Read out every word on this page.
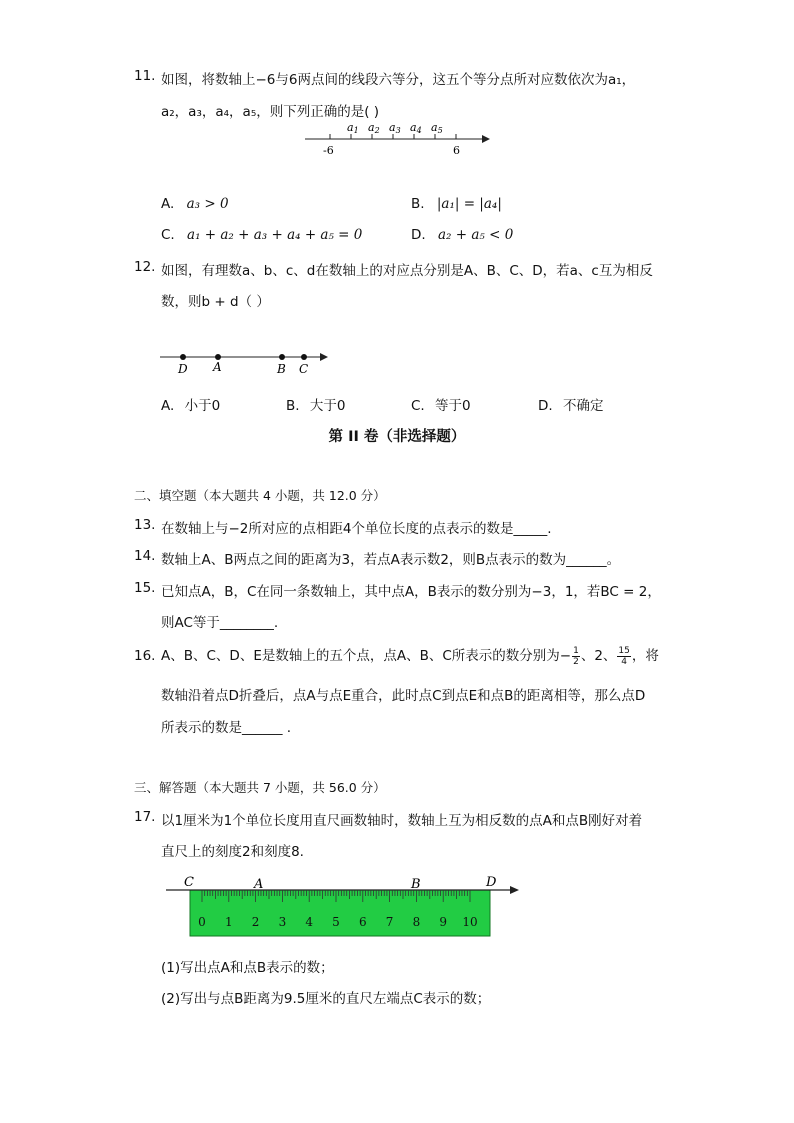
11. 如图，将数轴上−6与6两点间的线段六等分，这五个等分点所对应数依次为a₁，
a₂，a₃，a₄，a₅，则下列正确的是( )
a1 a2 a3 a4 a5
-6	6
A. a₃ > 0	B. |a₁| = |a₄|
C. a₁ + a₂ + a₃ + a₄ + a₅ = 0	D. a₂ + a₅ < 0
12. 如图，有理数a、b、c、d在数轴上的对应点分别是A、B、C、D，若a、c互为相反
数，则b + d（ ）
D A	B C
A. 小于0	B. 大于0	C. 等于0	D. 不确定
第 II 卷（非选择题）
二、填空题（本大题共 4 小题，共 12.0 分）
13. 在数轴上与−2所对应的点相距4个单位长度的点表示的数是_____.
14. 数轴上A、B两点之间的距离为3，若点A表示数2，则B点表示的数为______。
15. 已知点A，B，C在同一条数轴上，其中点A，B表示的数分别为−3，1，若BC = 2，
则AC等于________.
16. A、B、C、D、E是数轴上的五个点，点A、B、C所表示的数分别为− $\frac{1}{2}$ 、2、 $\frac{15}{4}$ ，将
数轴沿着点D折叠后，点A与点E重合，此时点C到点E和点B的距离相等，那么点D
所表示的数是______ .
三、解答题（本大题共 7 小题，共 56.0 分）
17. 以1厘米为1个单位长度用直尺画数轴时，数轴上互为相反数的点A和点B刚好对着
直尺上的刻度2和刻度8.
C	A	B	D
0 1 2 3 4 5 6 7 8 9 10
(1)写出点A和点B表示的数；
(2)写出与点B距离为9.5厘米的直尺左端点C表示的数；
